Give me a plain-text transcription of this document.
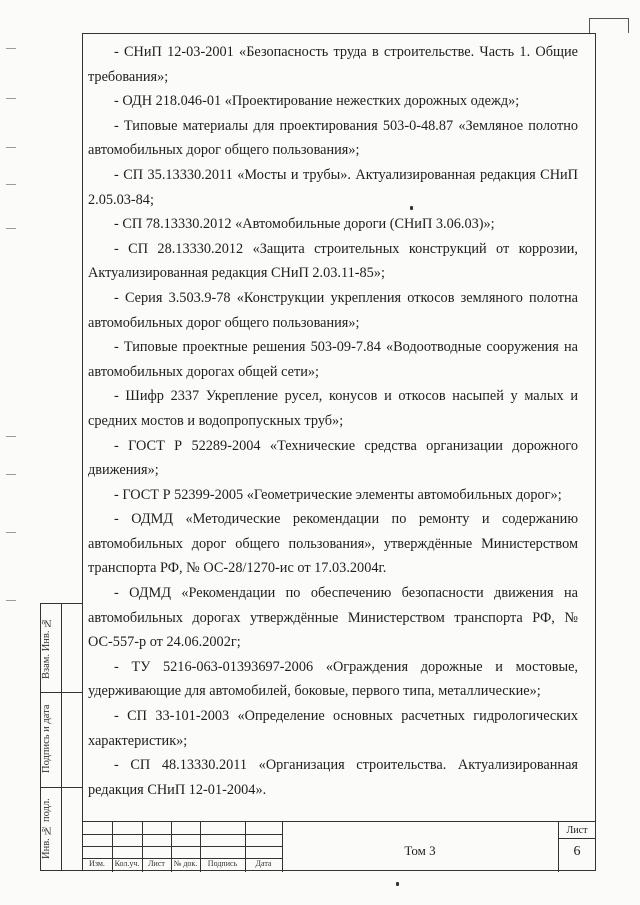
Взам. Инв. №
Подпись и дата
Инв. № подл.

- СНиП 12-03-2001 «Безопасность труда в строительстве. Часть 1. Общие требования»;

- ОДН 218.046-01 «Проектирование нежестких дорожных одежд»;

- Типовые материалы для проектирования 503-0-48.87 «Земляное полотно автомобильных дорог общего пользования»;

- СП 35.13330.2011 «Мосты и трубы». Актуализированная редакция СНиП 2.05.03-84;

- СП 78.13330.2012 «Автомобильные дороги (СНиП 3.06.03)»;

- СП 28.13330.2012 «Защита строительных конструкций от коррозии, Актуализированная редакция СНиП 2.03.11-85»;

- Серия 3.503.9-78 «Конструкции укрепления откосов земляного полотна автомобильных дорог общего пользования»;

- Типовые проектные решения 503-09-7.84 «Водоотводные сооружения на автомобильных дорогах общей сети»;

- Шифр 2337 Укрепление русел, конусов и откосов насыпей у малых и средних мостов и водопропускных труб»;

- ГОСТ Р 52289-2004 «Технические средства организации дорожного движения»;

- ГОСТ Р 52399-2005 «Геометрические элементы автомобильных дорог»;

- ОДМД «Методические рекомендации по ремонту и содержанию автомобильных дорог общего пользования», утверждённые Министерством транспорта РФ, № ОС-28/1270-ис от 17.03.2004г.

- ОДМД «Рекомендации по обеспечению безопасности движения на автомобильных дорогах утверждённые Министерством транспорта РФ, № ОС-557-р от 24.06.2002г;

- ТУ 5216-063-01393697-2006 «Ограждения дорожные и мостовые, удерживающие для автомобилей, боковые, первого типа, металлические»;

- СП 33-101-2003 «Определение основных расчетных гидрологических характеристик»;

- СП 48.13330.2011 «Организация строительства. Актуализированная редакция СНиП 12-01-2004».

Изм.	Кол.уч.	Лист	№ док.	Подпись	Дата
Том 3
Лист
6
